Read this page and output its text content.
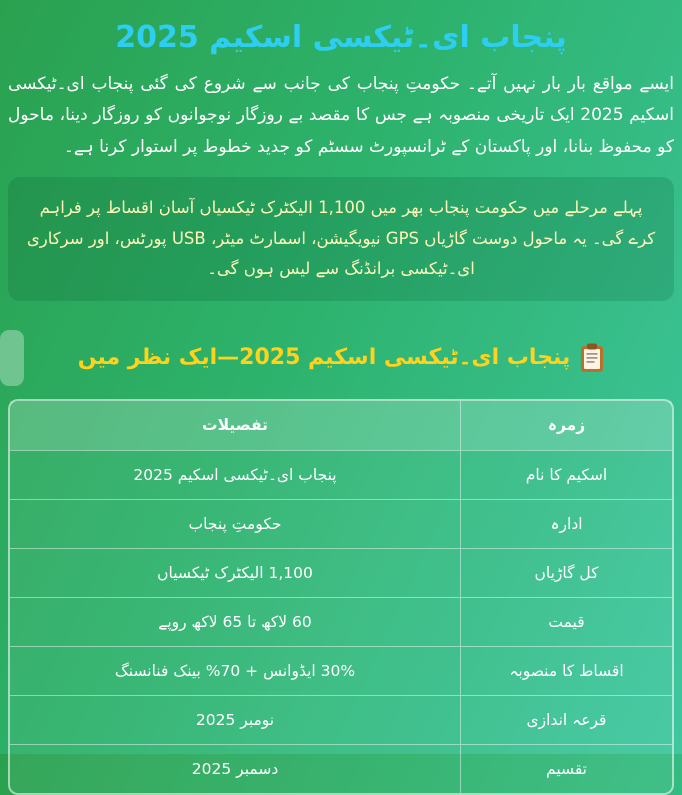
پنجاب ای۔ٹیکسی اسکیم 2025

ایسے مواقع بار بار نہیں آتے۔ حکومتِ پنجاب کی جانب سے شروع کی گئی پنجاب ای۔ٹیکسی اسکیم 2025 ایک تاریخی منصوبہ ہے جس کا مقصد بے روزگار نوجوانوں کو روزگار دینا، ماحول کو محفوظ بنانا، اور پاکستان کے ٹرانسپورٹ سسٹم کو جدید خطوط پر استوار کرنا ہے۔

پہلے مرحلے میں حکومت پنجاب بھر میں 1,100 الیکٹرک ٹیکسیاں آسان اقساط پر فراہم کرے گی۔ یہ ماحول دوست گاڑیاں GPS نیویگیشن، اسمارٹ میٹر، USB پورٹس، اور سرکاری ای۔ٹیکسی برانڈنگ سے لیس ہوں گی۔
پنجاب ای۔ٹیکسی اسکیم 2025—ایک نظر میں
زمرہ
تفصیلات
اسکیم کا نام
پنجاب ای۔ٹیکسی اسکیم 2025
ادارہ
حکومتِ پنجاب
کل گاڑیاں
1,100 الیکٹرک ٹیکسیاں
قیمت
60 لاکھ تا 65 لاکھ روپے
اقساط کا منصوبہ
30% ایڈوانس + 70% بینک فنانسنگ
قرعہ اندازی
نومبر 2025
تقسیم
دسمبر 2025
